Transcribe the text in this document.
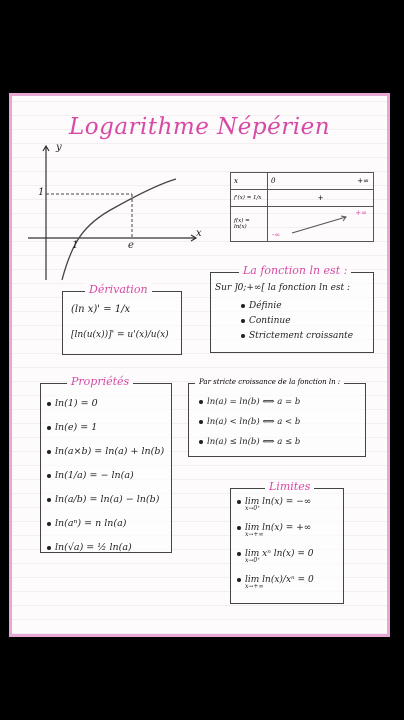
Logarithme Népérien
y
x
1
1	e
x	0 +∞

f'(x) = 1/x	+
f(x) = ln(x)	-∞
+∞
Dérivation
(ln x)' = 1/x
[ln(u(x))]' = u'(x)/u(x)
La fonction ln est :
Sur ]0;+∞[ la fonction ln est :
Définie
Continue
Strictement croissante
Propriétés
ln(1) = 0
ln(e) = 1
ln(a×b) = ln(a) + ln(b)
ln(1/a) = − ln(a)
ln(a/b) = ln(a) − ln(b)
ln(aⁿ) = n ln(a)
ln(√a) = ½ ln(a)
Par stricte croissance de la fonction ln :
ln(a) = ln(b) ⟺ a = b
ln(a) < ln(b) ⟺ a < b
ln(a) ≤ ln(b) ⟺ a ≤ b
Limites
lim ln(x) = −∞
x→0⁺
lim ln(x) = +∞
x→+∞
lim xⁿ ln(x) = 0
x→0⁺
lim ln(x)/xⁿ = 0
x→+∞
